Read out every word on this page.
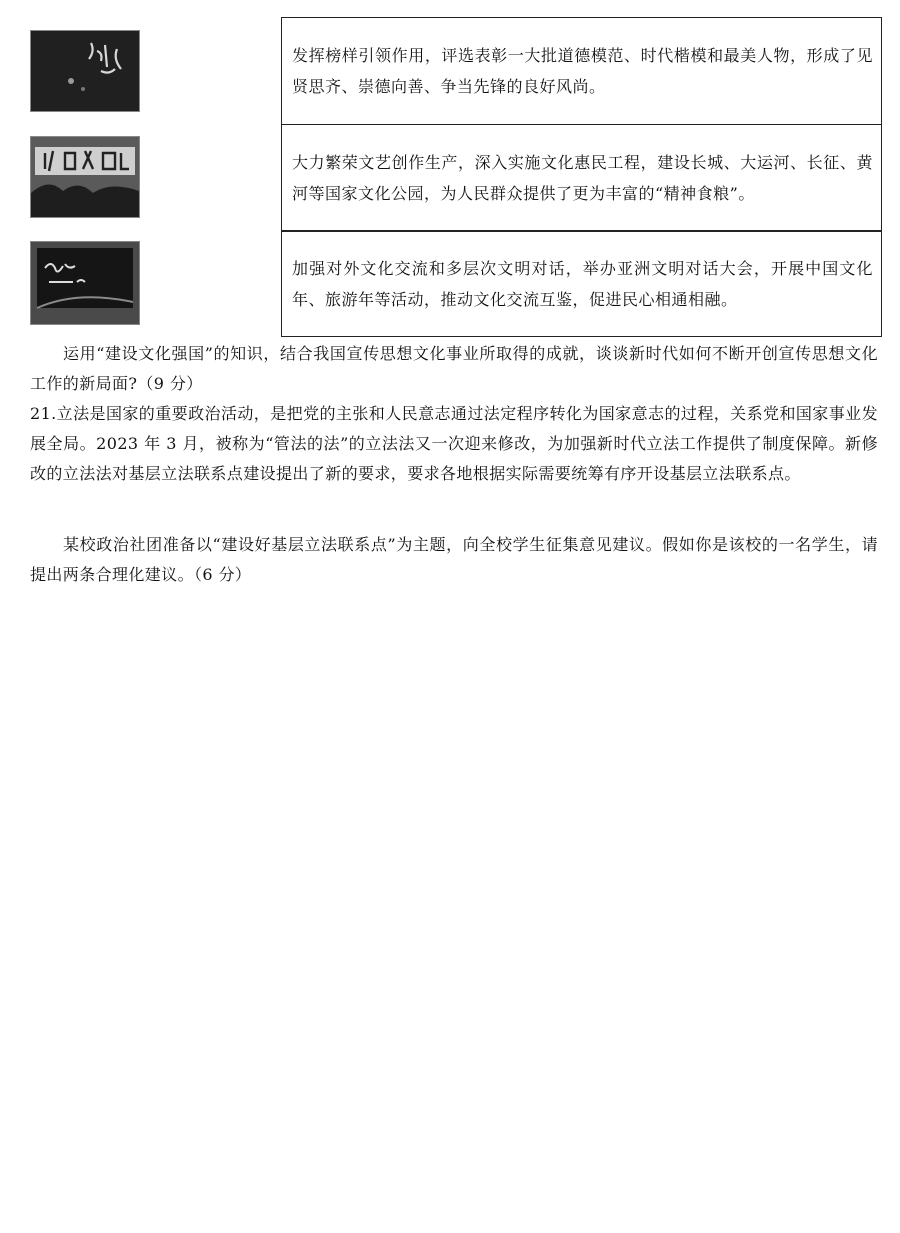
发挥榜样引领作用，评选表彰一大批道德模范、时代楷模和最美人物，形成了见贤思齐、崇德向善、争当先锋的良好风尚。
大力繁荣文艺创作生产，深入实施文化惠民工程，建设长城、大运河、长征、黄河等国家文化公园，为人民群众提供了更为丰富的“精神食粮”。
加强对外文化交流和多层次文明对话，举办亚洲文明对话大会，开展中国文化年、旅游年等活动，推动文化交流互鉴，促进民心相通相融。
运用“建设文化强国”的知识，结合我国宣传思想文化事业所取得的成就，谈谈新时代如何不断开创宣传思想文化工作的新局面?（9 分）
21.立法是国家的重要政治活动，是把党的主张和人民意志通过法定程序转化为国家意志的过程，关系党和国家事业发展全局。2023 年 3 月，被称为“管法的法”的立法法又一次迎来修改，为加强新时代立法工作提供了制度保障。新修改的立法法对基层立法联系点建设提出了新的要求，要求各地根据实际需要统筹有序开设基层立法联系点。
某校政治社团准备以“建设好基层立法联系点”为主题，向全校学生征集意见建议。假如你是该校的一名学生，请提出两条合理化建议。（6 分）
